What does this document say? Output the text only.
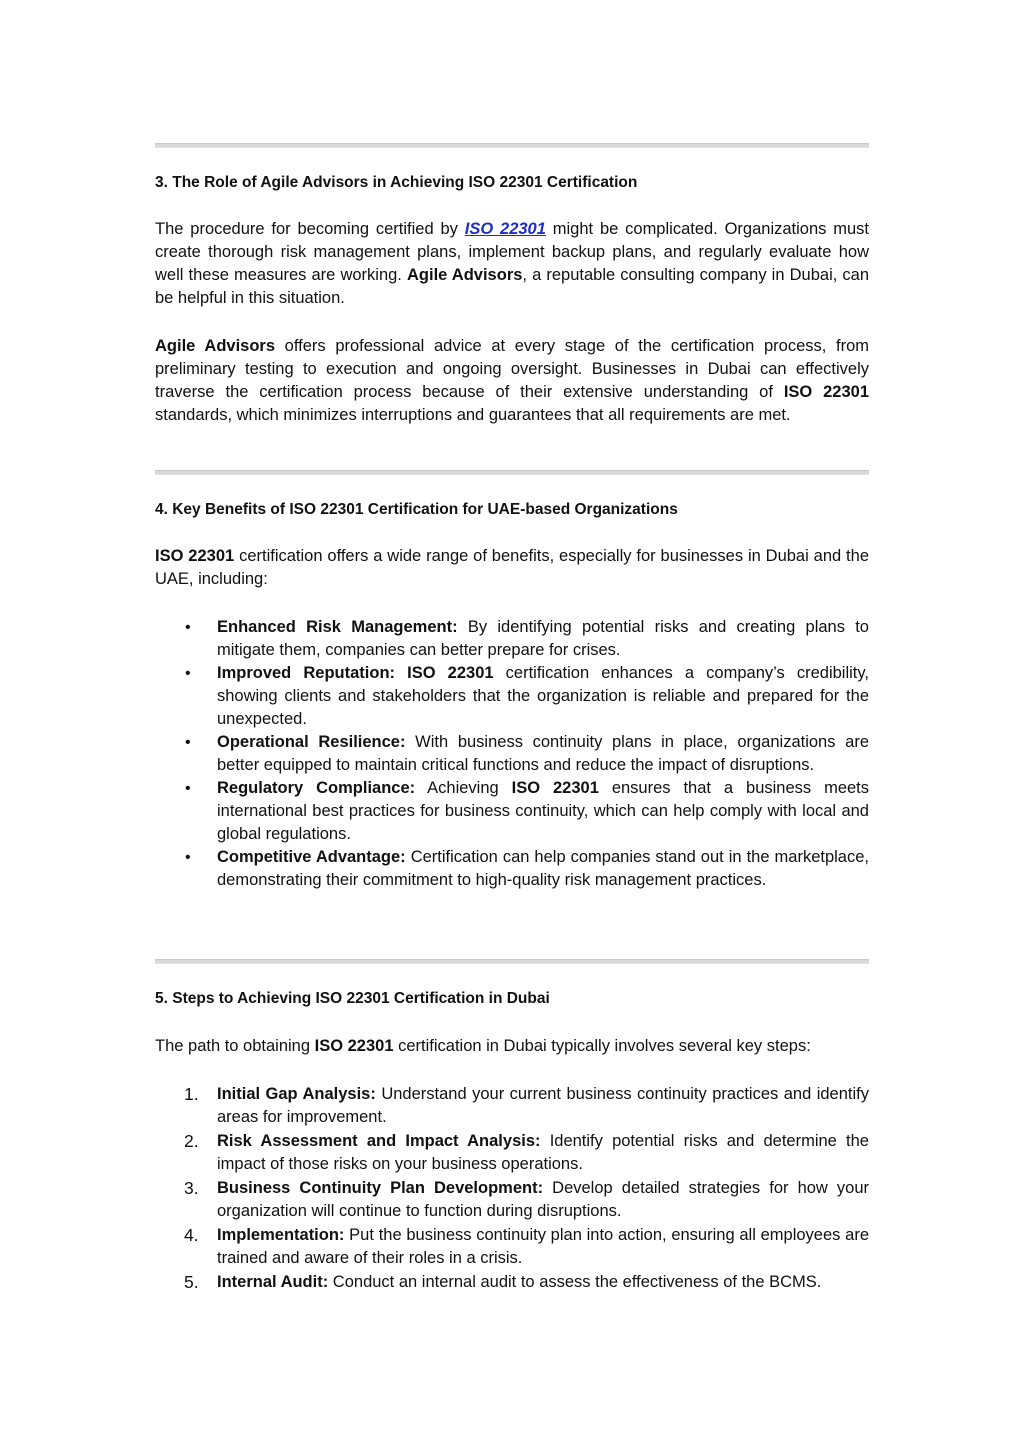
3. The Role of Agile Advisors in Achieving ISO 22301 Certification

The procedure for becoming certified by ISO 22301 might be complicated. Organizations must create thorough risk management plans, implement backup plans, and regularly evaluate how well these measures are working. Agile Advisors, a reputable consulting company in Dubai, can be helpful in this situation.

Agile Advisors offers professional advice at every stage of the certification process, from preliminary testing to execution and ongoing oversight. Businesses in Dubai can effectively traverse the certification process because of their extensive understanding of ISO 22301 standards, which minimizes interruptions and guarantees that all requirements are met.

4. Key Benefits of ISO 22301 Certification for UAE-based Organizations

ISO 22301 certification offers a wide range of benefits, especially for businesses in Dubai and the UAE, including:

• Enhanced Risk Management: By identifying potential risks and creating plans to mitigate them, companies can better prepare for crises.
• Improved Reputation: ISO 22301 certification enhances a company’s credibility, showing clients and stakeholders that the organization is reliable and prepared for the unexpected.
• Operational Resilience: With business continuity plans in place, organizations are better equipped to maintain critical functions and reduce the impact of disruptions.
• Regulatory Compliance: Achieving ISO 22301 ensures that a business meets international best practices for business continuity, which can help comply with local and global regulations.
• Competitive Advantage: Certification can help companies stand out in the marketplace, demonstrating their commitment to high-quality risk management practices.
5. Steps to Achieving ISO 22301 Certification in Dubai

The path to obtaining ISO 22301 certification in Dubai typically involves several key steps:

1. Initial Gap Analysis: Understand your current business continuity practices and identify areas for improvement.
2. Risk Assessment and Impact Analysis: Identify potential risks and determine the impact of those risks on your business operations.
3. Business Continuity Plan Development: Develop detailed strategies for how your organization will continue to function during disruptions.
4. Implementation: Put the business continuity plan into action, ensuring all employees are trained and aware of their roles in a crisis.
5. Internal Audit: Conduct an internal audit to assess the effectiveness of the BCMS.
